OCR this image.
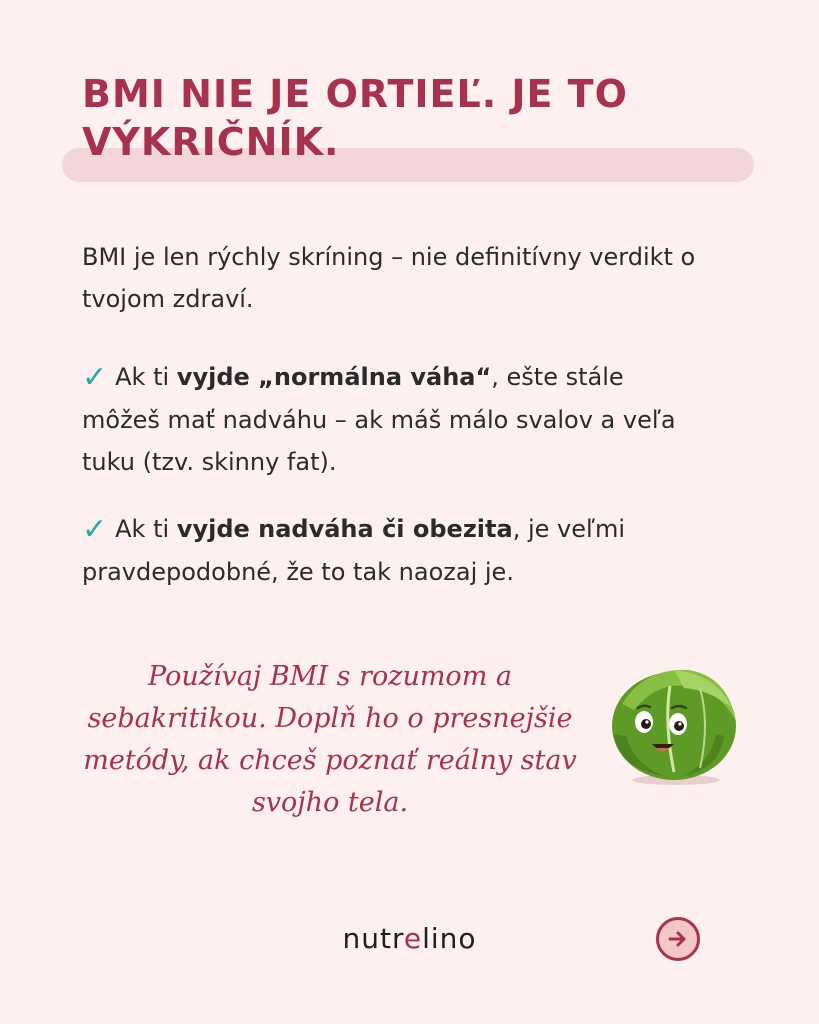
BMI NIE JE ORTIEĽ. JE TO VÝKRIČNÍK.

BMI je len rýchly skríning – nie definitívny verdikt o tvojom zdraví.

✓ Ak ti vyjde „normálna váha“, ešte stále môžeš mať nadváhu – ak máš málo svalov a veľa tuku (tzv. skinny fat).

✓ Ak ti vyjde nadváha či obezita, je veľmi pravdepodobné, že to tak naozaj je.

Používaj BMI s rozumom a sebakritikou. Doplň ho o presnejšie metódy, ak chceš poznať reálny stav svojho tela.

nutrelino
